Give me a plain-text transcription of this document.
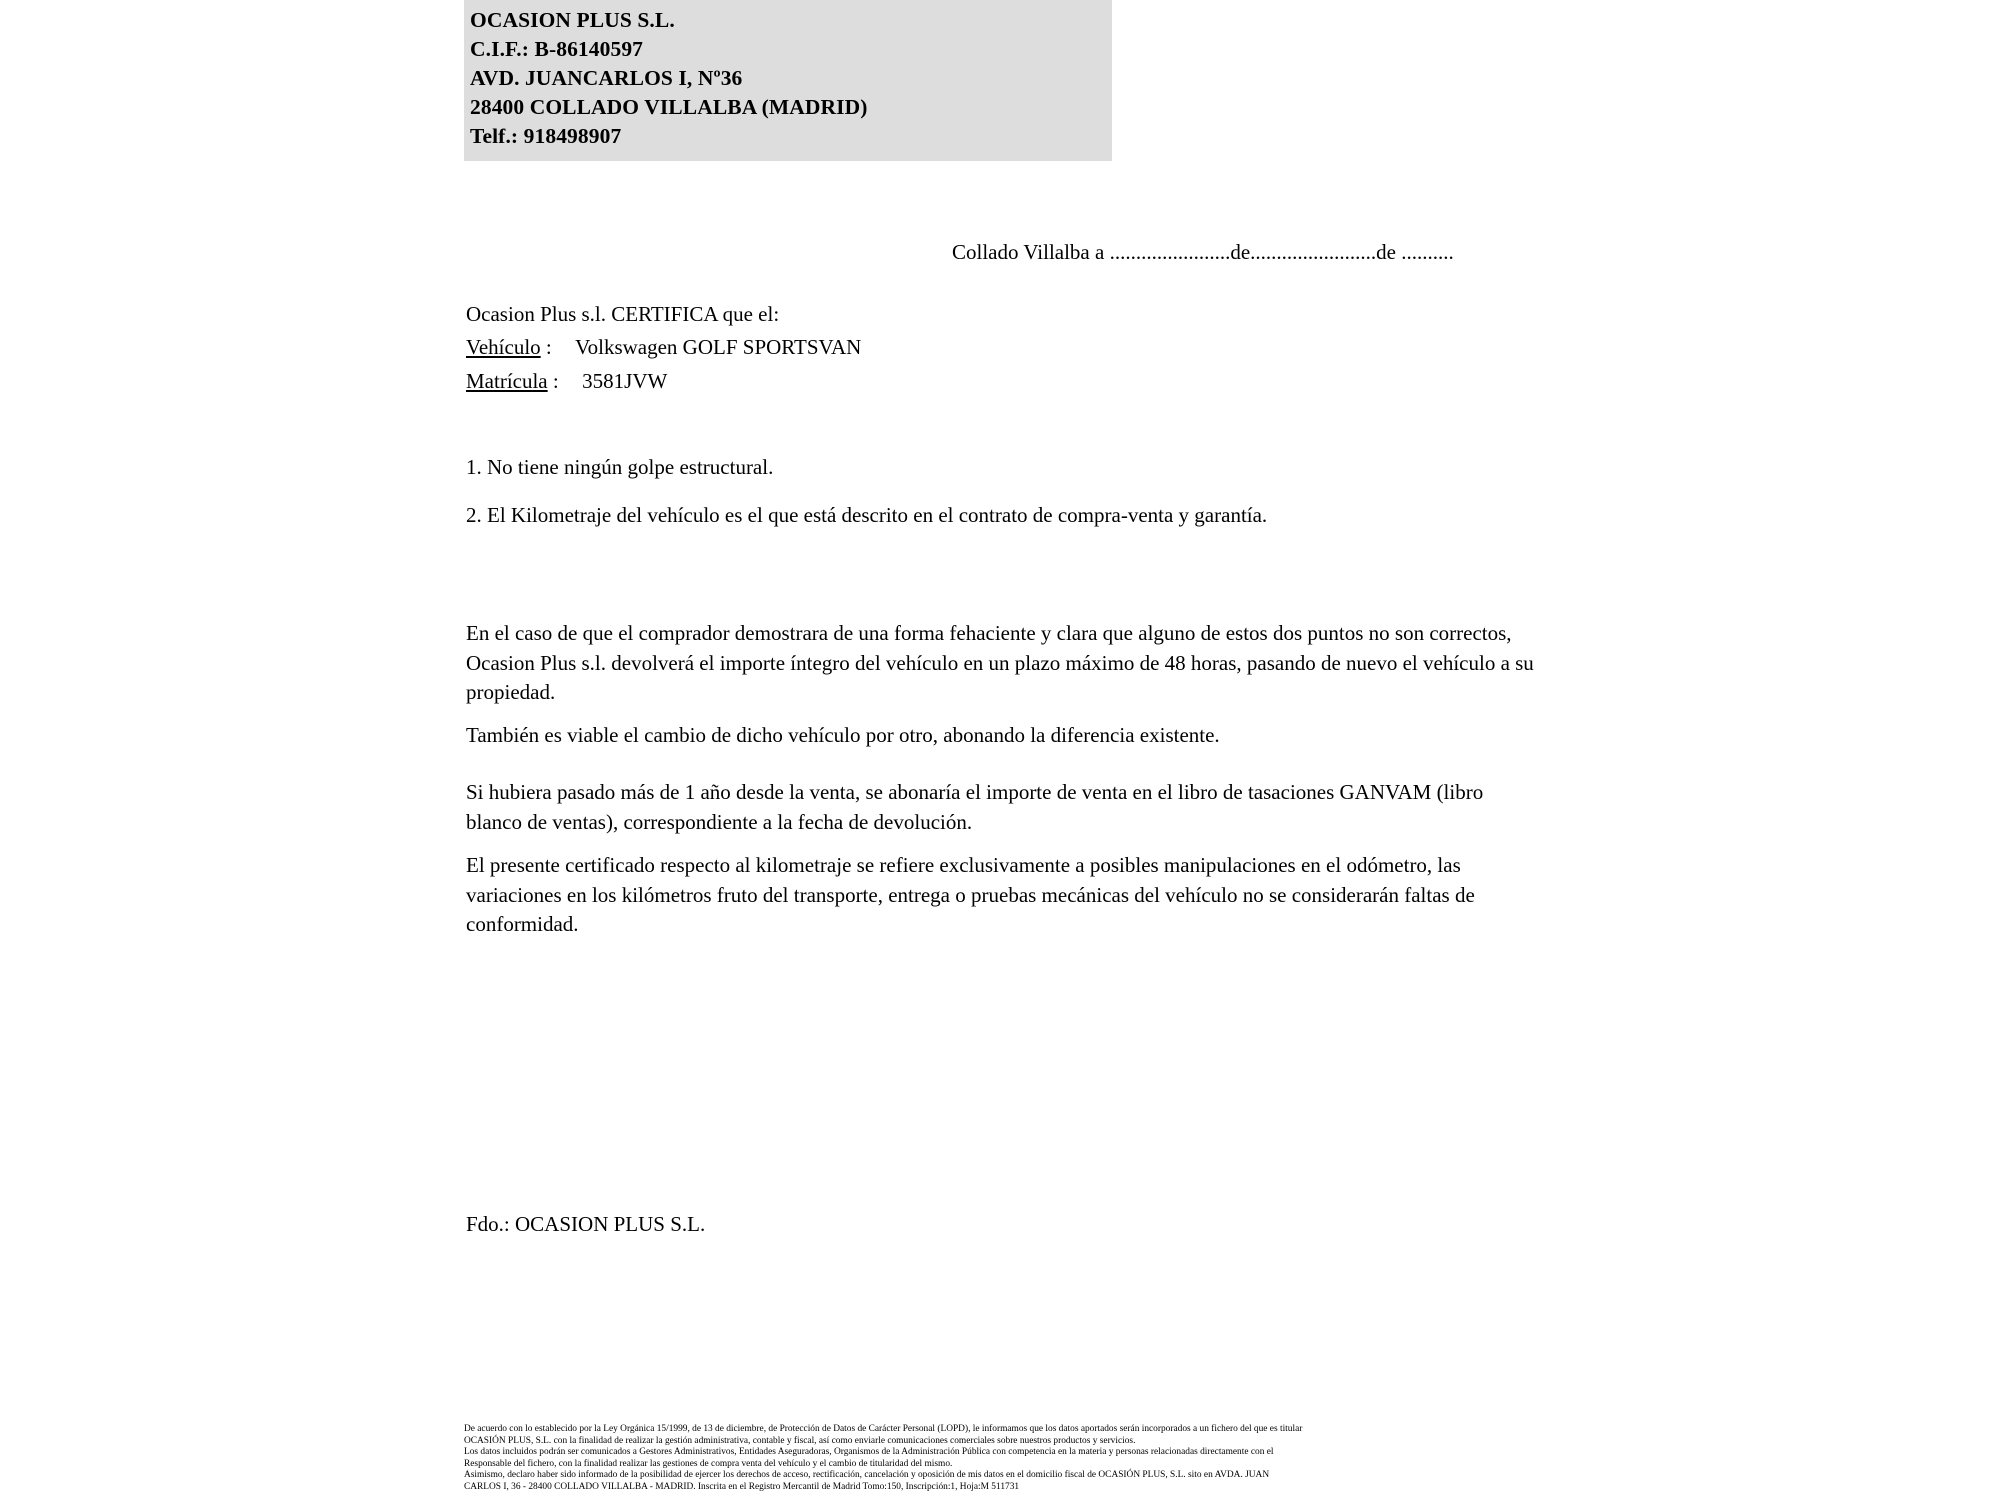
OCASION PLUS S.L.
C.I.F.: B-86140597
AVD. JUANCARLOS I, Nº36
28400 COLLADO VILLALBA (MADRID)
Telf.: 918498907
Collado Villalba a .......................de........................de ..........
Ocasion Plus s.l. CERTIFICA que el:
Vehículo : Volkswagen GOLF SPORTSVAN
Matrícula : 3581JVW
1. No tiene ningún golpe estructural.
2. El Kilometraje del vehículo es el que está descrito en el contrato de compra-venta y garantía.
En el caso de que el comprador demostrara de una forma fehaciente y clara que alguno de estos dos puntos no son correctos, Ocasion Plus s.l. devolverá el importe íntegro del vehículo en un plazo máximo de 48 horas, pasando de nuevo el vehículo a su propiedad.
También es viable el cambio de dicho vehículo por otro, abonando la diferencia existente.
Si hubiera pasado más de 1 año desde la venta, se abonaría el importe de venta en el libro de tasaciones GANVAM (libro blanco de ventas), correspondiente a la fecha de devolución.
El presente certificado respecto al kilometraje se refiere exclusivamente a posibles manipulaciones en el odómetro, las variaciones en los kilómetros fruto del transporte, entrega o pruebas mecánicas del vehículo no se considerarán faltas de conformidad.
Fdo.: OCASION PLUS S.L.
De acuerdo con lo establecido por la Ley Orgánica 15/1999, de 13 de diciembre, de Protección de Datos de Carácter Personal (LOPD), le informamos que los datos aportados serán incorporados a un fichero del que es titular
OCASIÓN PLUS, S.L. con la finalidad de realizar la gestión administrativa, contable y fiscal, así como enviarle comunicaciones comerciales sobre nuestros productos y servicios.
Los datos incluidos podrán ser comunicados a Gestores Administrativos, Entidades Aseguradoras, Organismos de la Administración Pública con competencia en la materia y personas relacionadas directamente con el
Responsable del fichero, con la finalidad realizar las gestiones de compra venta del vehículo y el cambio de titularidad del mismo.
Asimismo, declaro haber sido informado de la posibilidad de ejercer los derechos de acceso, rectificación, cancelación y oposición de mis datos en el domicilio fiscal de OCASIÓN PLUS, S.L. sito en AVDA. JUAN
CARLOS I, 36 - 28400 COLLADO VILLALBA - MADRID. Inscrita en el Registro Mercantil de Madrid Tomo:150, Inscripción:1, Hoja:M 511731
